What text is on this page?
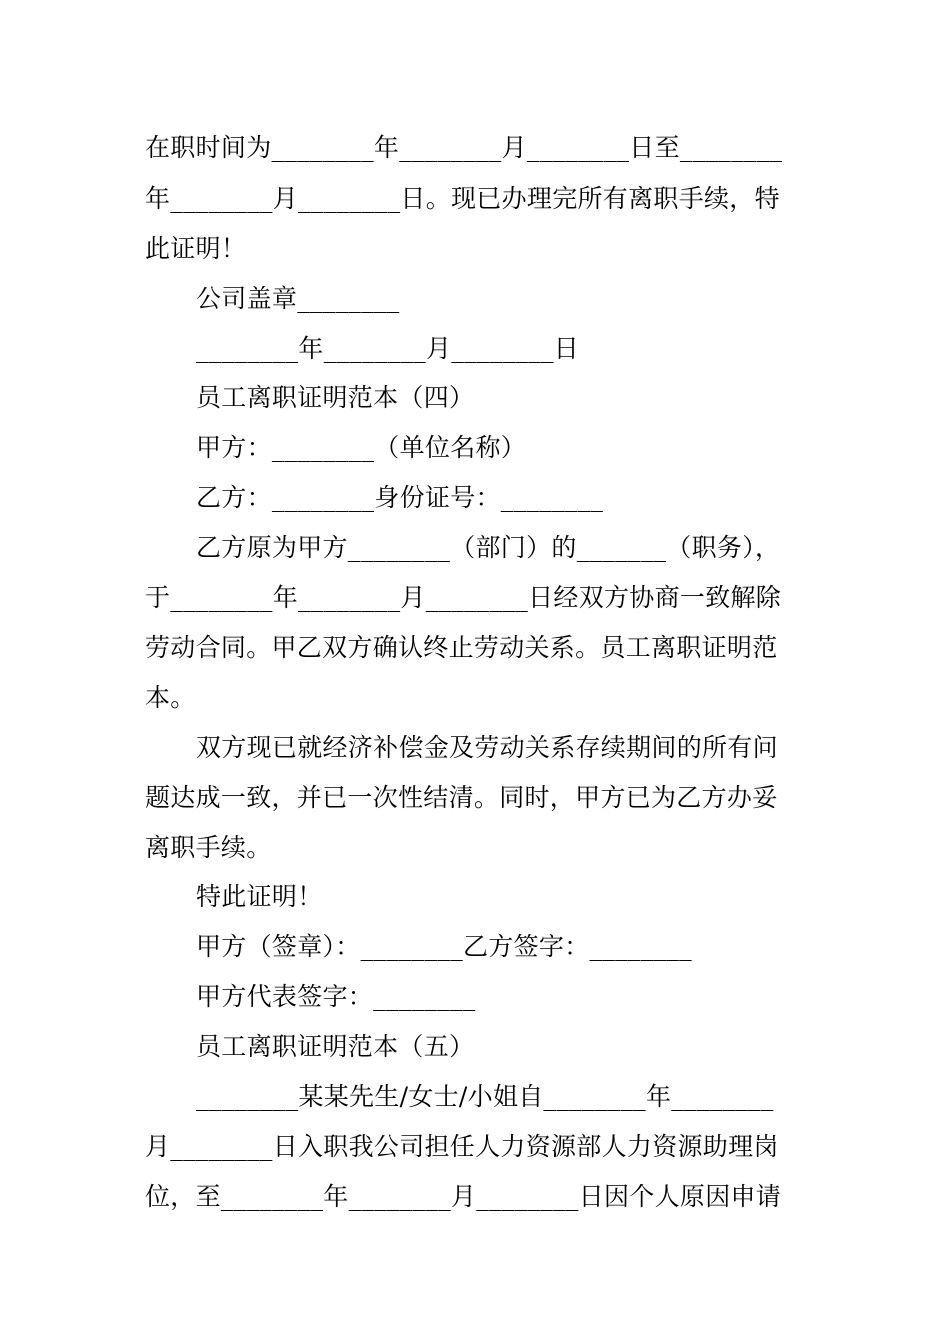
在职时间为________年________月________日至________
年________月________日。现已办理完所有离职手续，特
此证明！
公司盖章________
________年________月________日
员工离职证明范本（四）
甲方：________（单位名称）
乙方：________身份证号：________
乙方原为甲方________（部门）的_______（职务），
于________年________月________日经双方协商一致解除
劳动合同。甲乙双方确认终止劳动关系。员工离职证明范
本。
双方现已就经济补偿金及劳动关系存续期间的所有问
题达成一致，并已一次性结清。同时，甲方已为乙方办妥
离职手续。
特此证明！
甲方（签章）：________乙方签字：________
甲方代表签字：________
员工离职证明范本（五）
________某某先生/女士/小姐自________年________
月________日入职我公司担任人力资源部人力资源助理岗
位，至________年________月________日因个人原因申请
